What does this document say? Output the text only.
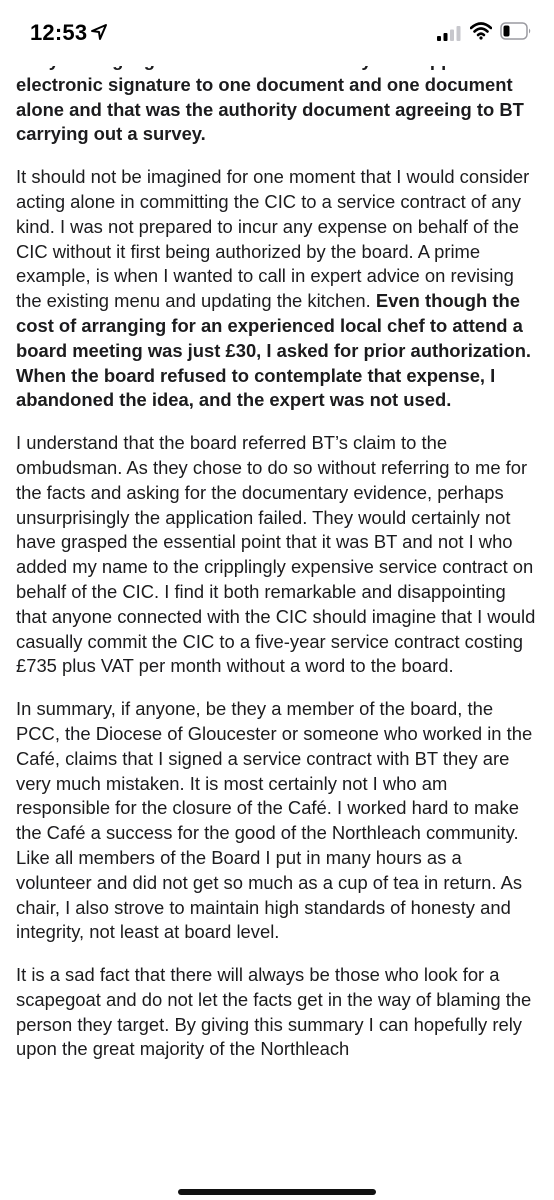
electronic signature to one document and one document alone and that was the authority document agreeing to BT carrying out a survey.

It should not be imagined for one moment that I would consider acting alone in committing the CIC to a service contract of any kind. I was not prepared to incur any expense on behalf of the CIC without it first being authorized by the board. A prime example, is when I wanted to call in expert advice on revising the existing menu and updating the kitchen. Even though the cost of arranging for an experienced local chef to attend a board meeting was just £30, I asked for prior authorization. When the board refused to contemplate that expense, I abandoned the idea, and the expert was not used.

I understand that the board referred BT’s claim to the ombudsman. As they chose to do so without referring to me for the facts and asking for the documentary evidence, perhaps unsurprisingly the application failed. They would certainly not have grasped the essential point that it was BT and not I who added my name to the cripplingly expensive service contract on behalf of the CIC. I find it both remarkable and disappointing that anyone connected with the CIC should imagine that I would casually commit the CIC to a five-year service contract costing £735 plus VAT per month without a word to the board.

In summary, if anyone, be they a member of the board, the PCC, the Diocese of Gloucester or someone who worked in the Café, claims that I signed a service contract with BT they are very much mistaken. It is most certainly not I who am responsible for the closure of the Café. I worked hard to make the Café a success for the good of the Northleach community. Like all members of the Board I put in many hours as a volunteer and did not get so much as a cup of tea in return. As chair, I also strove to maintain high standards of honesty and integrity, not least at board level.

It is a sad fact that there will always be those who look for a scapegoat and do not let the facts get in the way of blaming the person they target. By giving this summary I can hopefully rely upon the great majority of the Northleach

12:53
